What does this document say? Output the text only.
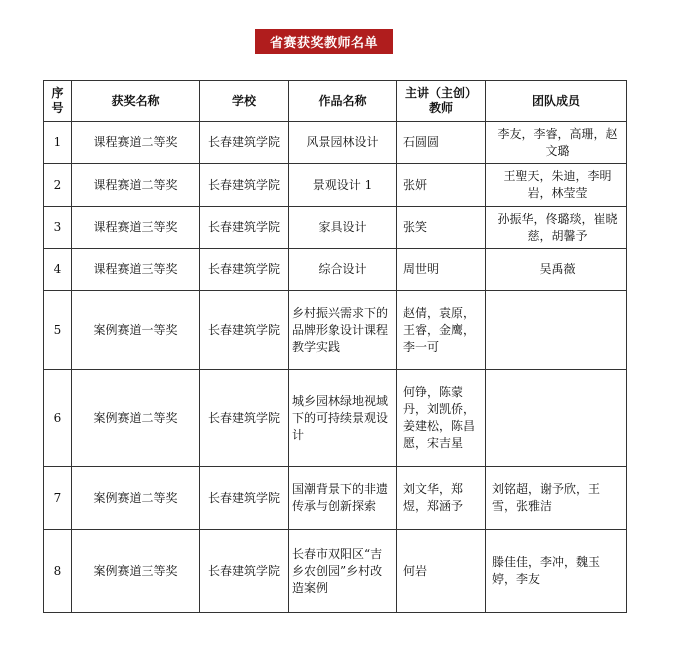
省赛获奖教师名单
序号	获奖名称	学校	作品名称	主讲（主创）教师	团队成员
1	课程赛道二等奖	长春建筑学院	风景园林设计	石圆圆	李友，李睿，高珊，赵文璐
2	课程赛道二等奖	长春建筑学院	景观设计 1	张妍	王聖天，朱迪，李明岩，林莹莹
3	课程赛道三等奖	长春建筑学院	家具设计	张笑	孙振华，佟璐琰，崔晓慈，胡馨予
4	课程赛道三等奖	长春建筑学院	综合设计	周世明	吴禹薇
5	案例赛道一等奖	长春建筑学院	乡村振兴需求下的品牌形象设计课程教学实践	赵倩，袁原，王睿，金鹰，李一可	
6	案例赛道二等奖	长春建筑学院	城乡园林绿地视域下的可持续景观设计	何铮，陈蒙丹，刘凯侨，姜建松，陈昌愿，宋吉星	
7	案例赛道二等奖	长春建筑学院	国潮背景下的非遗传承与创新探索	刘文华，郑煜，郑涵予	刘铭超，谢予欣，王雪，张雅洁
8	案例赛道三等奖	长春建筑学院	长春市双阳区“吉乡农创园”乡村改造案例	何岩	滕佳佳，李冲，魏玉婷，李友
